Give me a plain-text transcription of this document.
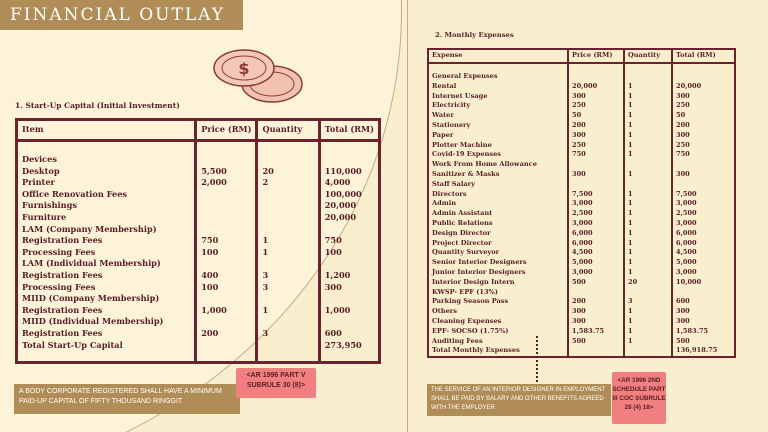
FINANCIAL OUTLAY
$
1. Start-Up Capital (Initial Investment)
Item	Price (RM)	Quantity	Total (RM)
Devices			
Desktop	5,500	20	110,000
Printer	2,000	2	4,000
Office Renovation Fees			100,000
Furnishings			20,000
Furniture			20,000
LAM (Company Membership)			
Registration Fees	750	1	750
Processing Fees	100	1	100
LAM (Individual Membership)			
Registration Fees	400	3	1,200
Processing Fees	100	3	300
MIID (Company Membership)			
Registration Fees	1,000	1	1,000
MIID (Individual Membership)			
Registration Fees	200	3	600
Total Start-Up Capital			273,950
2. Monthly Expenses
Expense	Price (RM)	Quantity	Total (RM)
General Expenses			
Rental	20,000	1	20,000
Internet Usage	300	1	300
Electricity	250	1	250
Water	50	1	50
Stationery	200	1	200
Paper	300	1	300
Plotter Machine	250	1	250
Covid-19 Expenses	750	1	750
Work From Home Allowance			
Sanitizer & Masks	300	1	300
Staff Salary			
Directors	7,500	1	7,500
Admin	3,000	1	3,000
Admin Assistant	2,500	1	2,500
Public Relations	3,000	1	3,000
Design Director	6,000	1	6,000
Project Director	6,000	1	6,000
Quantity Surveyor	4,500	1	4,500
Senior Interior Designers	5,000	1	5,000
Junior Interior Designers	3,000	1	3,000
Interior Design Intern	500	20	10,000
KWSP- EPF (13%)			
Parking Season Pass	200	3	600
Others	300	1	300
Cleaning Expenses	300	1	300
EPF- SOCSO (1.75%)	1,583.75	1	1,583.75
Auditing Fees	500	1	500
Total Monthly Expenses			136,918.75
A BODY CORPORATE REGISTERED SHALL HAVE A MINIMUM PAID-UP CAPITAL OF FIFTY THOUSAND RINGGIT
<AR 1996 PART V SUBRULE 30 (8)>
THE SERVICE OF AN INTERIOR DESIGNER IN EMPLOYMENT SHALL BE PAID BY SALARY AND OTHER BENEFITS AGREED WITH THE EMPLOYER
<AR 1996 2ND SCHEDULE PART III COC SUBRULE 28 (4) 18>
